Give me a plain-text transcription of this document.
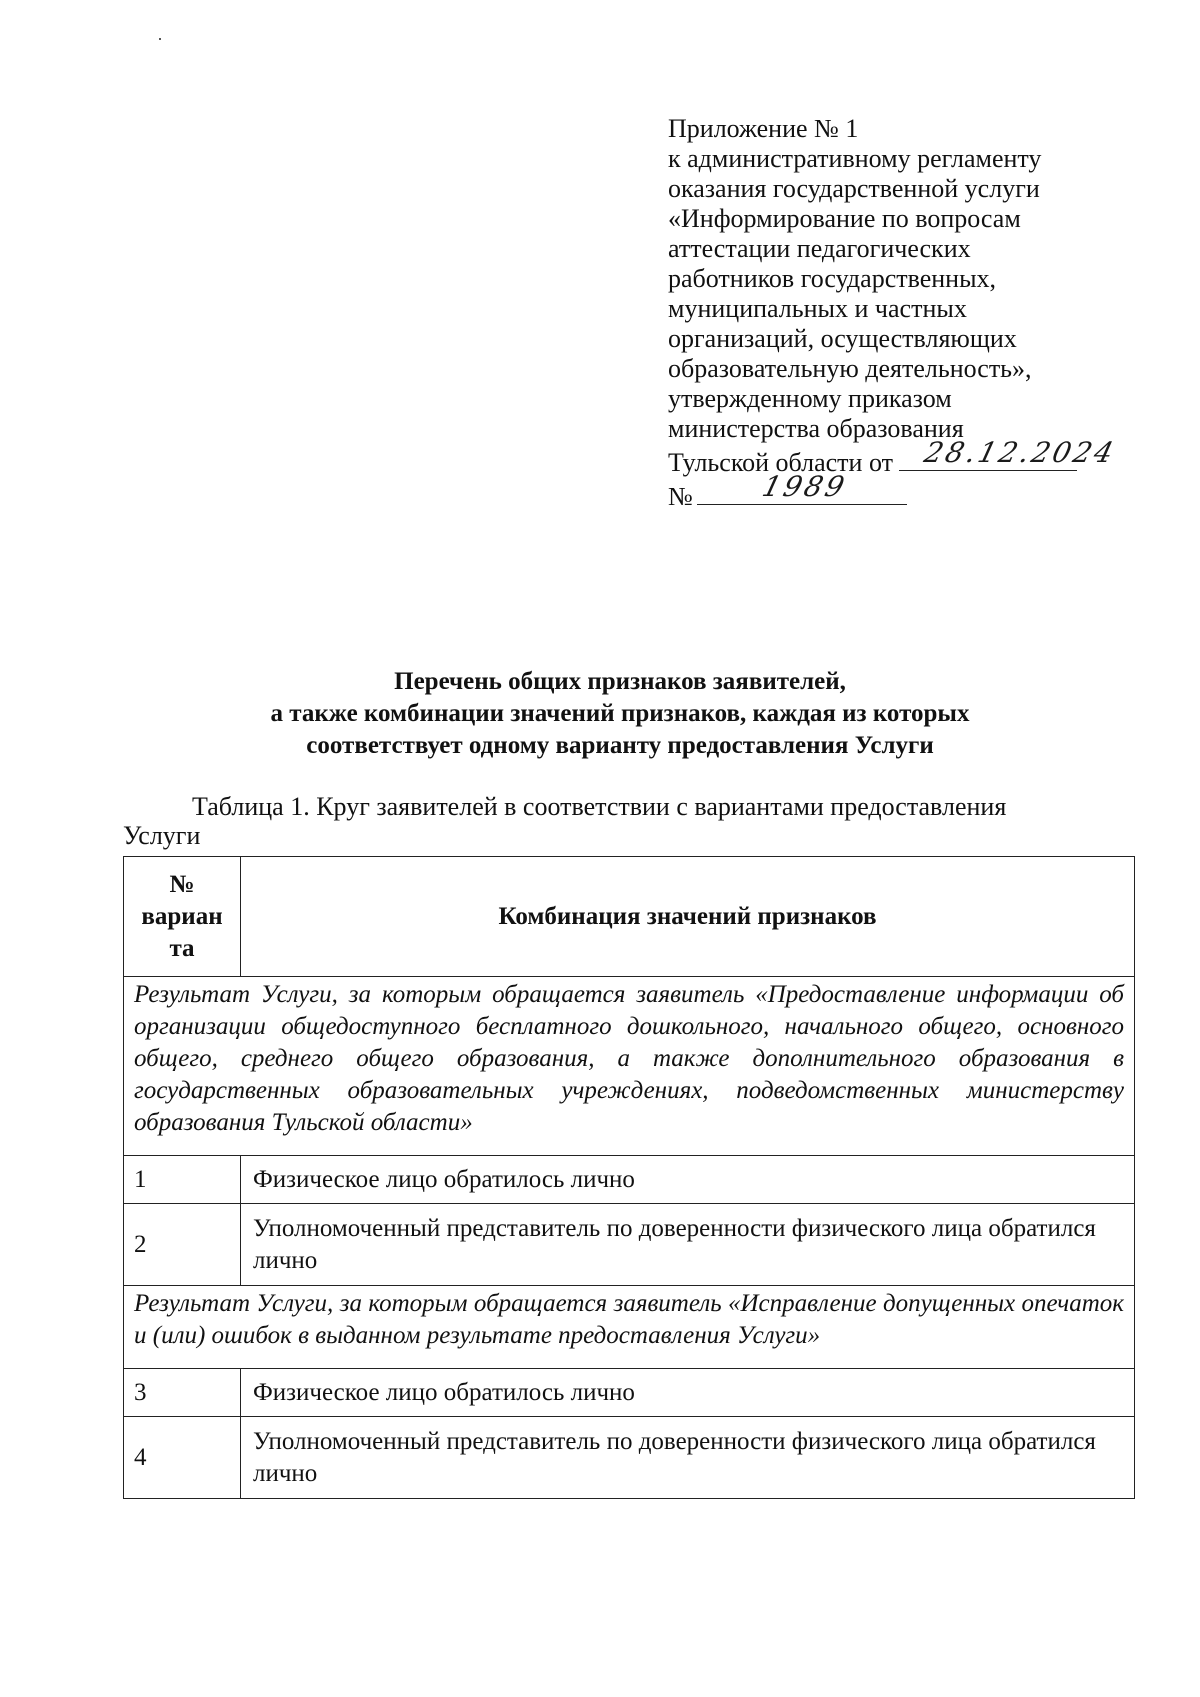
Приложение № 1
к административному регламенту
оказания государственной услуги
«Информирование по вопросам
аттестации педагогических
работников государственных,
муниципальных и частных
организаций, осуществляющих
образовательную деятельность»,
утвержденному приказом
министерства образования
Тульской области от 28.12.2024
№ 1989
Перечень общих признаков заявителей,
а также комбинации значений признаков, каждая из которых
соответствует одному варианту предоставления Услуги
Таблица 1. Круг заявителей в соответствии с вариантами предоставления
Услуги
№
вариан
та	Комбинация значений признаков
Результат Услуги, за которым обращается заявитель «Предоставление информации об организации общедоступного бесплатного дошкольного, начального общего, основного общего, среднего общего образования, а также дополнительного образования в государственных образовательных учреждениях, подведомственных министерству образования Тульской области»	
1	Физическое лицо обратилось лично
2	Уполномоченный представитель по доверенности физического лица обратился лично
Результат Услуги, за которым обращается заявитель «Исправление допущенных опечаток и (или) ошибок в выданном результате предоставления Услуги»	
3	Физическое лицо обратилось лично
4	Уполномоченный представитель по доверенности физического лица обратился лично
